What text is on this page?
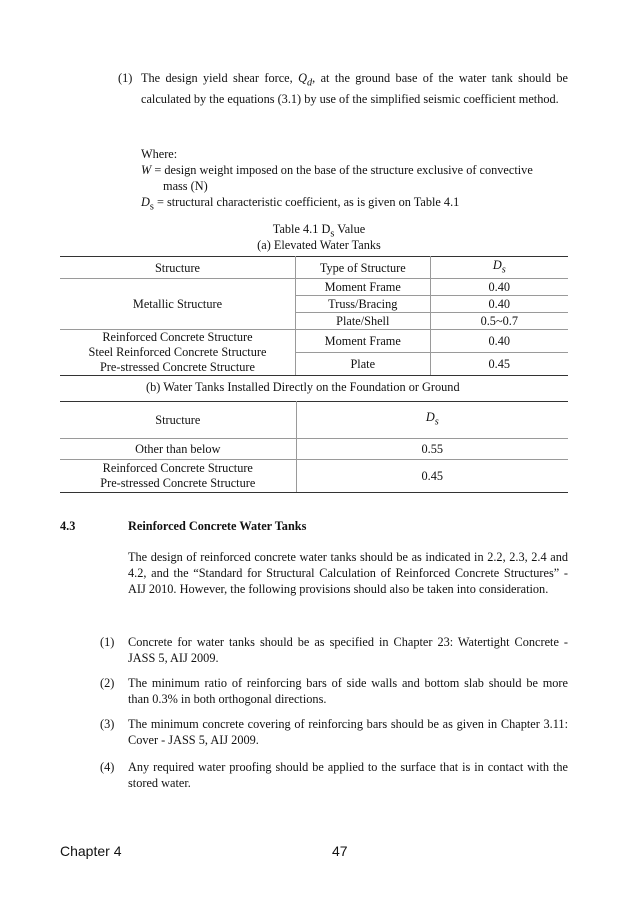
(1) The design yield shear force, $Q_d$, at the ground base of the water tank should be calculated by the equations (3.1) by use of the simplified seismic coefficient method.

Where:

W = design weight imposed on the base of the structure exclusive of convective

mass (N)

$D_s$ = structural characteristic coefficient, as is given on Table 4.1

Table 4.1 $D_s$ Value
(a) Elevated Water Tanks
Structure	Type of Structure	$D_s$
Metallic Structure	Moment Frame	0.40
	Truss/Bracing	0.40
	Plate/Shell	0.5~0.7

Reinforced Concrete Structure
Steel Reinforced Concrete Structure
Pre-stressed Concrete Structure	Moment Frame	0.40
	Plate	0.45
(b) Water Tanks Installed Directly on the Foundation or Ground
Structure	$D_s$
Other than below	0.55

Reinforced Concrete Structure
Pre-stressed Concrete Structure	0.45
4.3	Reinforced Concrete Water Tanks

The design of reinforced concrete water tanks should be as indicated in 2.2, 2.3, 2.4 and 4.2, and the “Standard for Structural Calculation of Reinforced Concrete Structures” - AIJ 2010. However, the following provisions should also be taken into consideration.

(1) Concrete for water tanks should be as specified in Chapter 23: Watertight Concrete - JASS 5, AIJ 2009.

(2) The minimum ratio of reinforcing bars of side walls and bottom slab should be more than 0.3% in both orthogonal directions.

(3) The minimum concrete covering of reinforcing bars should be as given in Chapter 3.11: Cover - JASS 5, AIJ 2009.

(4) Any required water proofing should be applied to the surface that is in contact with the stored water.

Chapter 4	47
